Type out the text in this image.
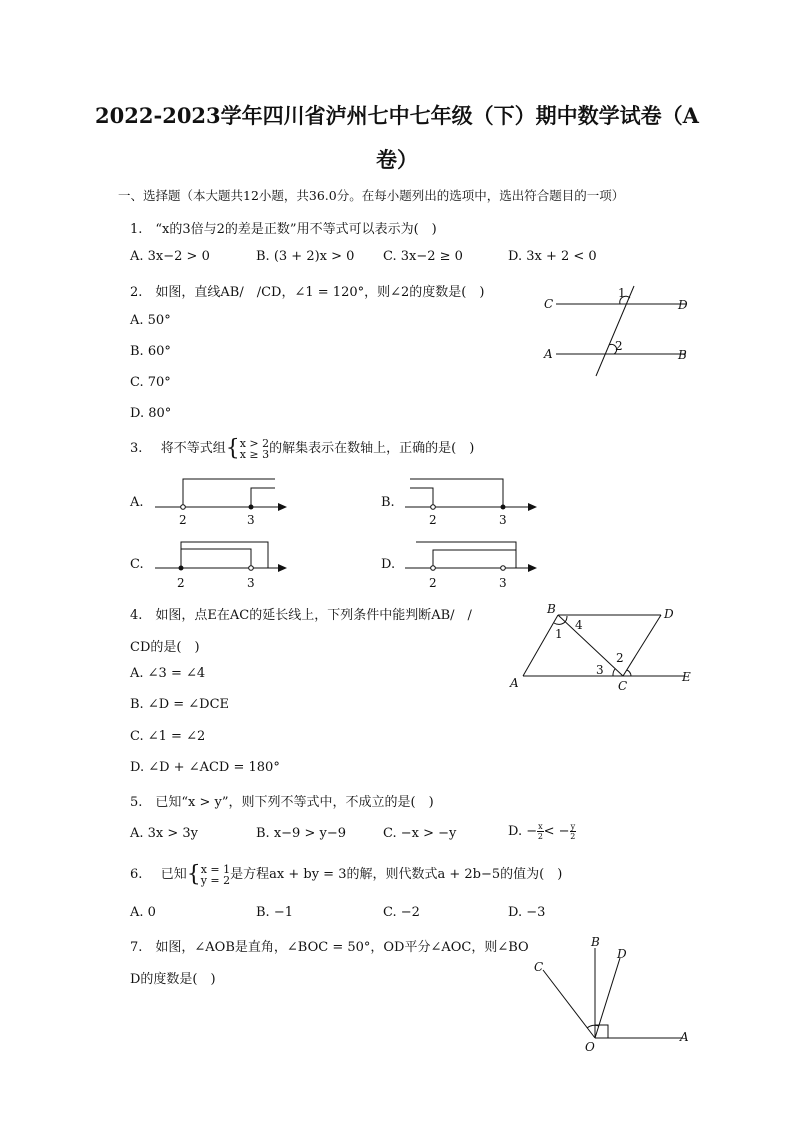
2022-2023学年四川省泸州七中七年级（下）期中数学试卷（A
卷）
一、选择题（本大题共12小题，共36.0分。在每小题列出的选项中，选出符合题目的一项）
1.　“x的3倍与2的差是正数”用不等式可以表示为(　)
A. 3x−2 > 0	B. (3 + 2)x > 0 C. 3x−2 ≥ 0	D. 3x + 2 < 0
2.　如图，直线AB/　/CD，∠1 = 120°，则∠2的度数是(　)
A. 50°
B. 60°
C. 70°
D. 80°
C	D
A	B
1
2
3. 将不等式组{ x > 2
x ≥ 3 的解集表示在数轴上，正确的是(　)
A.	B.
C.	D.
2	3	2	3
2	3	2	3
4.　如图，点E在AC的延长线上，下列条件中能判断AB/　/
CD的是(　)
A. ∠3 = ∠4
B. ∠D = ∠DCE
C. ∠1 = ∠2
D. ∠D + ∠ACD = 180°
B	D
A	C
E
1
2
3
4
5.　已知“x > y”，则下列不等式中，不成立的是(　)
A. 3x > 3y	B. x−9 > y−9	C. −x > −y	D. − $\frac{x}{2}$ < − $\frac{y}{2}$
6. 已知{ x = 1
y = 2 是方程ax + by = 3的解，则代数式a + 2b−5的值为(　)
A. 0	B. −1	C. −2	D. −3
7.　如图，∠AOB是直角，∠BOC = 50°，OD平分∠AOC，则∠BO
D的度数是(　)
B
D
C
O
A
